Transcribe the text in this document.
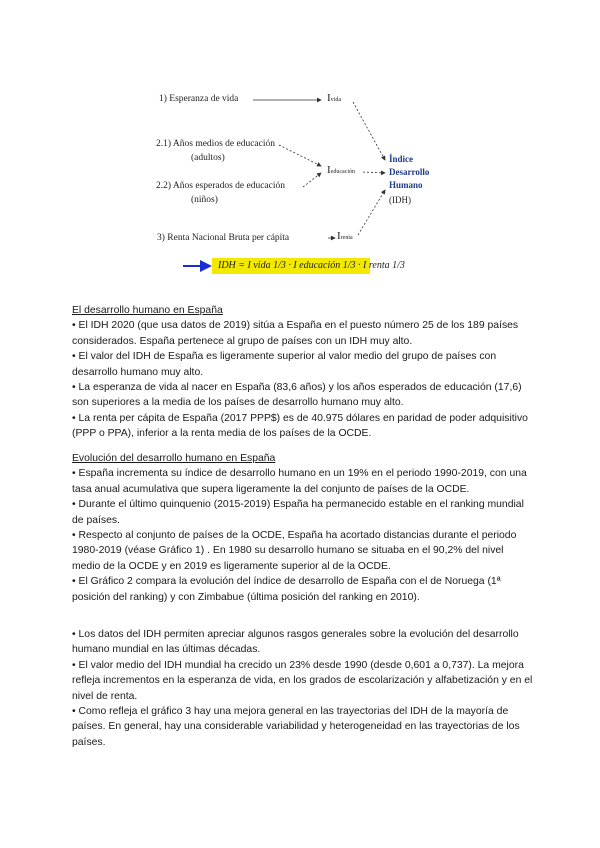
1) Esperanza de vida
2.1) Años medios de educación
(adultos)
2.2) Años esperados de educación
(niños)
3) Renta Nacional Bruta per cápita
Ivida
Ieducación
Irenta
Índice
Desarrollo
Humano
(IDH)
IDH = I vida 1/3 · I educación 1/3 · I renta 1/3

El desarrollo humano en España

• El IDH 2020 (que usa datos de 2019) sitúa a España en el puesto número 25 de los 189 países considerados. España pertenece al grupo de países con un IDH muy alto.

• El valor del IDH de España es ligeramente superior al valor medio del grupo de países con desarrollo humano muy alto.

• La esperanza de vida al nacer en España (83,6 años) y los años esperados de educación (17,6) son superiores a la media de los países de desarrollo humano muy alto.

• La renta per cápita de España (2017 PPP$) es de 40.975 dólares en paridad de poder adquisitivo (PPP o PPA), inferior a la renta media de los países de la OCDE.

Evolución del desarrollo humano en España

• España incrementa su índice de desarrollo humano en un 19% en el periodo 1990-2019, con una tasa anual acumulativa que supera ligeramente la del conjunto de países de la OCDE.

• Durante el último quinquenio (2015-2019) España ha permanecido estable en el ranking mundial de países.

• Respecto al conjunto de países de la OCDE, España ha acortado distancias durante el periodo 1980-2019 (véase Gráfico 1) . En 1980 su desarrollo humano se situaba en el 90,2% del nivel medio de la OCDE y en 2019 es ligeramente superior al de la OCDE.

• El Gráfico 2 compara la evolución del índice de desarrollo de España con el de Noruega (1ª posición del ranking) y con Zimbabue (última posición del ranking en 2010).

• Los datos del IDH permiten apreciar algunos rasgos generales sobre la evolución del desarrollo humano mundial en las últimas décadas.

• El valor medio del IDH mundial ha crecido un 23% desde 1990 (desde 0,601 a 0,737). La mejora refleja incrementos en la esperanza de vida, en los grados de escolarización y alfabetización y en el nivel de renta.

• Como refleja el gráfico 3 hay una mejora general en las trayectorias del IDH de la mayoría de países. En general, hay una considerable variabilidad y heterogeneidad en las trayectorias de los países.
